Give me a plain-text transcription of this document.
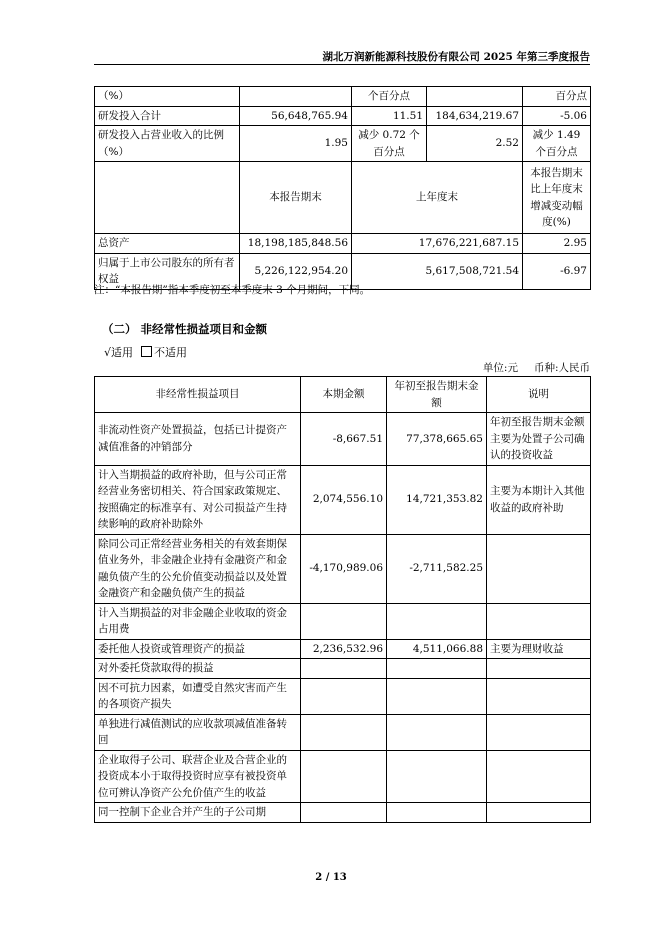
湖北万润新能源科技股份有限公司 2025 年第三季度报告
（%）		个百分点		百分点
研发投入合计	56,648,765.94	11.51	184,634,219.67	-5.06
研发投入占营业收入的比例（%）	1.95	减少 0.72 个百分点	2.52	减少 1.49 个百分点
	本报告期末	上年度末		本报告期末比上年度末增减变动幅度(%)
总资产	18,198,185,848.56	17,676,221,687.15		2.95
归属于上市公司股东的所有者权益	5,226,122,954.20	5,617,508,721.54		-6.97
注：“本报告期”指本季度初至本季度末 3 个月期间，下同。
（二） 非经常性损益项目和金额
√适用 不适用
单位:元 币种:人民币
非经常性损益项目	本期金额	年初至报告期末金额	说明
非流动性资产处置损益，包括已计提资产减值准备的冲销部分	-8,667.51	77,378,665.65	年初至报告期末金额主要为处置子公司确认的投资收益
计入当期损益的政府补助，但与公司正常经营业务密切相关、符合国家政策规定、按照确定的标准享有、对公司损益产生持续影响的政府补助除外	2,074,556.10	14,721,353.82	主要为本期计入其他收益的政府补助
除同公司正常经营业务相关的有效套期保值业务外，非金融企业持有金融资产和金融负债产生的公允价值变动损益以及处置金融资产和金融负债产生的损益	-4,170,989.06	-2,711,582.25	
计入当期损益的对非金融企业收取的资金占用费			
委托他人投资或管理资产的损益	2,236,532.96	4,511,066.88	主要为理财收益
对外委托贷款取得的损益			
因不可抗力因素，如遭受自然灾害而产生的各项资产损失			
单独进行减值测试的应收款项减值准备转回			
企业取得子公司、联营企业及合营企业的投资成本小于取得投资时应享有被投资单位可辨认净资产公允价值产生的收益			
同一控制下企业合并产生的子公司期			
2 / 13
